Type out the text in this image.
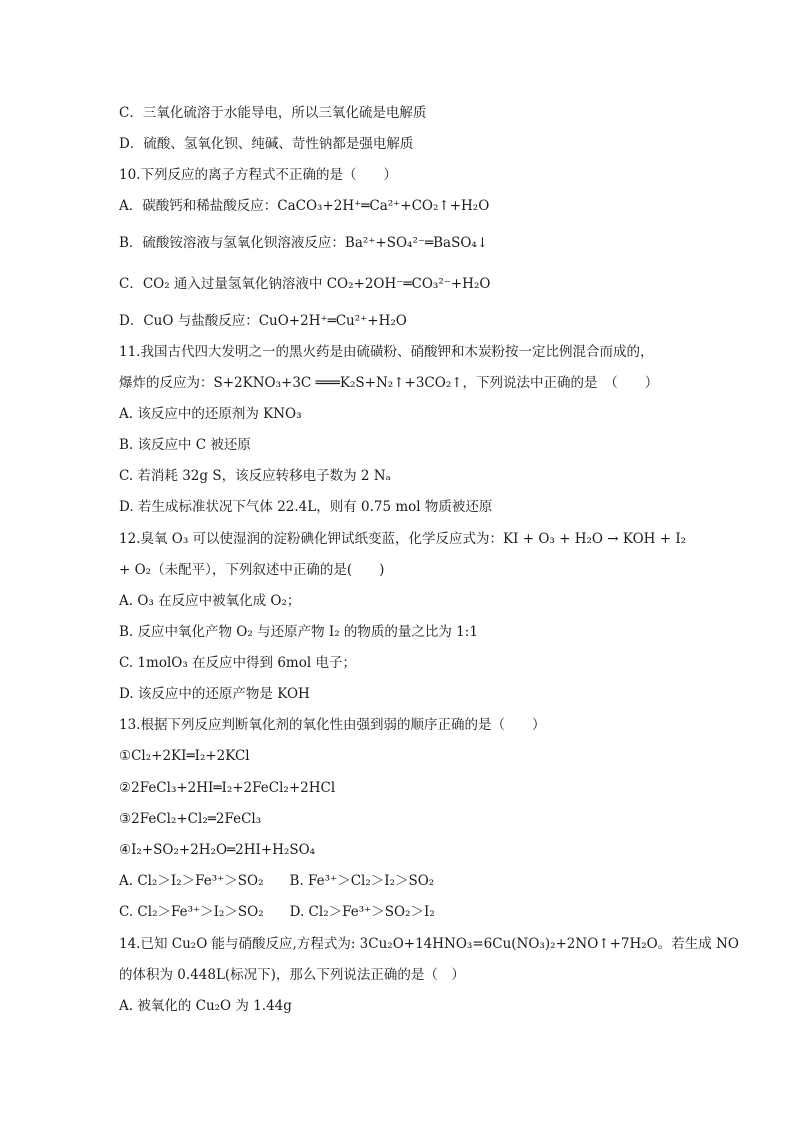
C．三氧化硫溶于水能导电，所以三氧化硫是电解质
D．硫酸、氢氧化钡、纯碱、苛性钠都是强电解质
10.下列反应的离子方程式不正确的是（　　）
A．碳酸钙和稀盐酸反应：CaCO₃+2H⁺═Ca²⁺+CO₂↑+H₂O
B．硫酸铵溶液与氢氧化钡溶液反应：Ba²⁺+SO₄²⁻═BaSO₄↓
C．CO₂ 通入过量氢氧化钠溶液中 CO₂+2OH⁻═CO₃²⁻+H₂O
D．CuO 与盐酸反应：CuO+2H⁺═Cu²⁺+H₂O
11.我国古代四大发明之一的黑火药是由硫磺粉、硝酸钾和木炭粉按一定比例混合而成的，
爆炸的反应为：S+2KNO₃+3C ═══K₂S+N₂↑+3CO₂↑，下列说法中正确的是　（　　）
A. 该反应中的还原剂为 KNO₃
B. 该反应中 C 被还原
C. 若消耗 32g S，该反应转移电子数为 2 Nₐ
D. 若生成标准状况下气体 22.4L，则有 0.75 mol 物质被还原
12.臭氧 O₃ 可以使湿润的淀粉碘化钾试纸变蓝，化学反应式为：KI + O₃ + H₂O → KOH + I₂
+ O₂（未配平），下列叙述中正确的是(　　)
A. O₃ 在反应中被氧化成 O₂；
B. 反应中氧化产物 O₂ 与还原产物 I₂ 的物质的量之比为 1:1
C. 1molO₃ 在反应中得到 6mol 电子；
D. 该反应中的还原产物是 KOH
13.根据下列反应判断氧化剂的氧化性由强到弱的顺序正确的是（　　）
①Cl₂+2KI═I₂+2KCl
②2FeCl₃+2HI═I₂+2FeCl₂+2HCl
③2FeCl₂+Cl₂═2FeCl₃
④I₂+SO₂+2H₂O═2HI+H₂SO₄
A. Cl₂＞I₂＞Fe³⁺＞SO₂ B. Fe³⁺＞Cl₂＞I₂＞SO₂
C. Cl₂＞Fe³⁺＞I₂＞SO₂ D. Cl₂＞Fe³⁺＞SO₂＞I₂
14.已知 Cu₂O 能与硝酸反应,方程式为: 3Cu₂O+14HNO₃=6Cu(NO₃)₂+2NO↑+7H₂O。若生成 NO
的体积为 0.448L(标况下)，那么下列说法正确的是（　）
A. 被氧化的 Cu₂O 为 1.44g
